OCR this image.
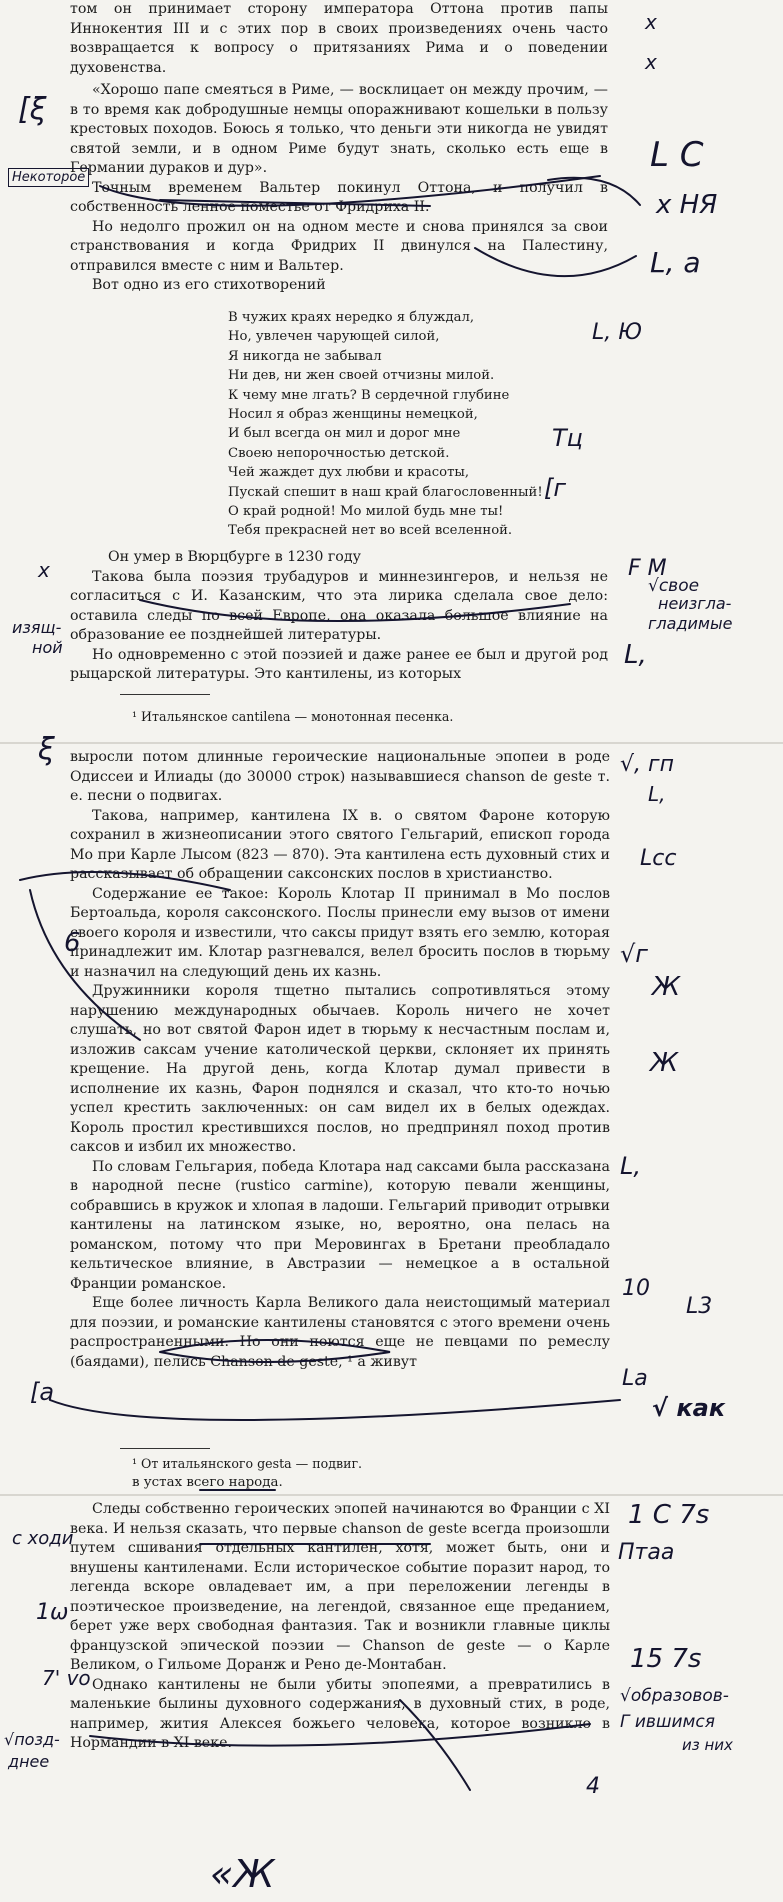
том он принимает сторону императора Оттона против папы Иннокентия III и с этих пор в своих произведениях очень часто возвращается к вопросу о притязаниях Рима и о поведении духовенства.

«Хорошо папе смеяться в Риме, — восклицает он между прочим, — в то время как добродушные немцы опоражнивают кошельки в пользу крестовых походов. Боюсь я только, что деньги эти никогда не увидят святой земли, и в одном Риме будут знать, сколько есть еще в Германии дураков и дур».

Точным временем Вальтер покинул Оттона, и получил в собственность ленное поместье от Фридриха II.

Но недолго прожил он на одном месте и снова принялся за свои странствования и когда Фридрих II двинулся на Палестину, отправился вместе с ним и Вальтер.

Вот одно из его стихотворений

В чужих краях нередко я блуждал,
Но, увлечен чарующей силой,
Я никогда не забывал
Ни дев, ни жен своей отчизны милой.
К чему мне лгать? В сердечной глубине
Носил я образ женщины немецкой,
И был всегда он мил и дорог мне
Своею непорочностью детской.
Чей жаждет дух любви и красоты,
Пускай спешит в наш край благословенный!
О край родной! Мо милой будь мне ты!
Тебя прекрасней нет во всей вселенной.

Он умер в Вюрцбурге в 1230 году

Такова была поэзия трубадуров и миннезингеров, и нельзя не согласиться с И. Казанским, что эта лирика сделала свое дело: оставила следы по всей Европе, она оказала большое влияние на образование ее позднейшей литературы.

Но одновременно с этой поэзией и даже ранее ее был и другой род рыцарской литературы. Это кантилены, из которых

¹ Итальянское cantilena — монотонная песенка.

выросли потом длинные героические национальные эпопеи в роде Одиссеи и Илиады (до 30000 строк) называвшиеся chanson de geste т. е. песни о подвигах.

Такова, например, кантилена IX в. о святом Фароне которую сохранил в жизнеописании этого святого Гельгарий, епископ города Мо при Карле Лысом (823 — 870). Эта кантилена есть духовный стих и рассказывает об обращении саксонских послов в христианство.

Содержание ее такое: Король Клотар II принимал в Мо послов Бертоальда, короля саксонского. Послы принесли ему вызов от имени своего короля и известили, что саксы придут взять его землю, которая принадлежит им. Клотар разгневался, велел бросить послов в тюрьму и назначил на следующий день их казнь.

Дружинники короля тщетно пытались сопротивляться этому нарушению международных обычаев. Король ничего не хочет слушать, но вот святой Фарон идет в тюрьму к несчастным послам и, изложив саксам учение католической церкви, склоняет их принять крещение. На другой день, когда Клотар думал привести в исполнение их казнь, Фарон поднялся и сказал, что кто-то ночью успел крестить заключенных: он сам видел их в белых одеждах. Король простил крестившихся послов, но предпринял поход против саксов и избил их множество.

По словам Гельгария, победа Клотара над саксами была рассказана в народной песне (rustico carmine), которую певали женщины, собравшись в кружок и хлопая в ладоши. Гельгарий приводит отрывки кантилены на латинском языке, но, вероятно, она пелась на романском, потому что при Меровингах в Бретани преобладало кельтическое влияние, в Австразии — немецкое а в остальной Франции романское.

Еще более личность Карла Великого дала неистощимый материал для поэзии, и романские кантилены становятся с этого времени очень распространенными. Но они поются еще не певцами по ремеслу (баядами), пелись Chanson de geste, ¹ а живут

¹ От итальянского gesta — подвиг.
в устах всего народа.

Следы собственно героических эпопей начинаются во Франции с XI века. И нельзя сказать, что первые chanson de geste всегда произошли путем сшивания отдельных кантилен, хотя, может быть, они и внушены кантиленами. Если историческое событие поразит народ, то легенда вскоре овладевает им, а при переложении легенды в поэтическое произведение, на легендой, связанное еще преданием, берет уже верх свободная фантазия. Так и возникли главные циклы французской эпической поэзии — Chanson de geste — о Карле Великом, о Гильоме Доранж и Рено де-Монтабан.

Однако кантилены не были убиты эпопеями, а превратились в маленькие былины духовного содержания, в духовный стих, в роде, например, жития Алексея божьего человека, которое возникло в Нормандии в XI веке.

x
x
[ξ
L C
Некоторое
x HЯ
L, a
L, Ю
Tц
[г
F M
x
√свое
неизгла-
гладимые
изящ-
ной	L,
ξ	√, гп
L,
Lcc
6	√г
Ж
Ж
L,
10
L3
[a	La
√ как
1 C 7s
с ходи
Птаа
1ω
7' vo
15 7s
√образовов-
Г ившимся
из них
√позд-
днее
4
«Ж
